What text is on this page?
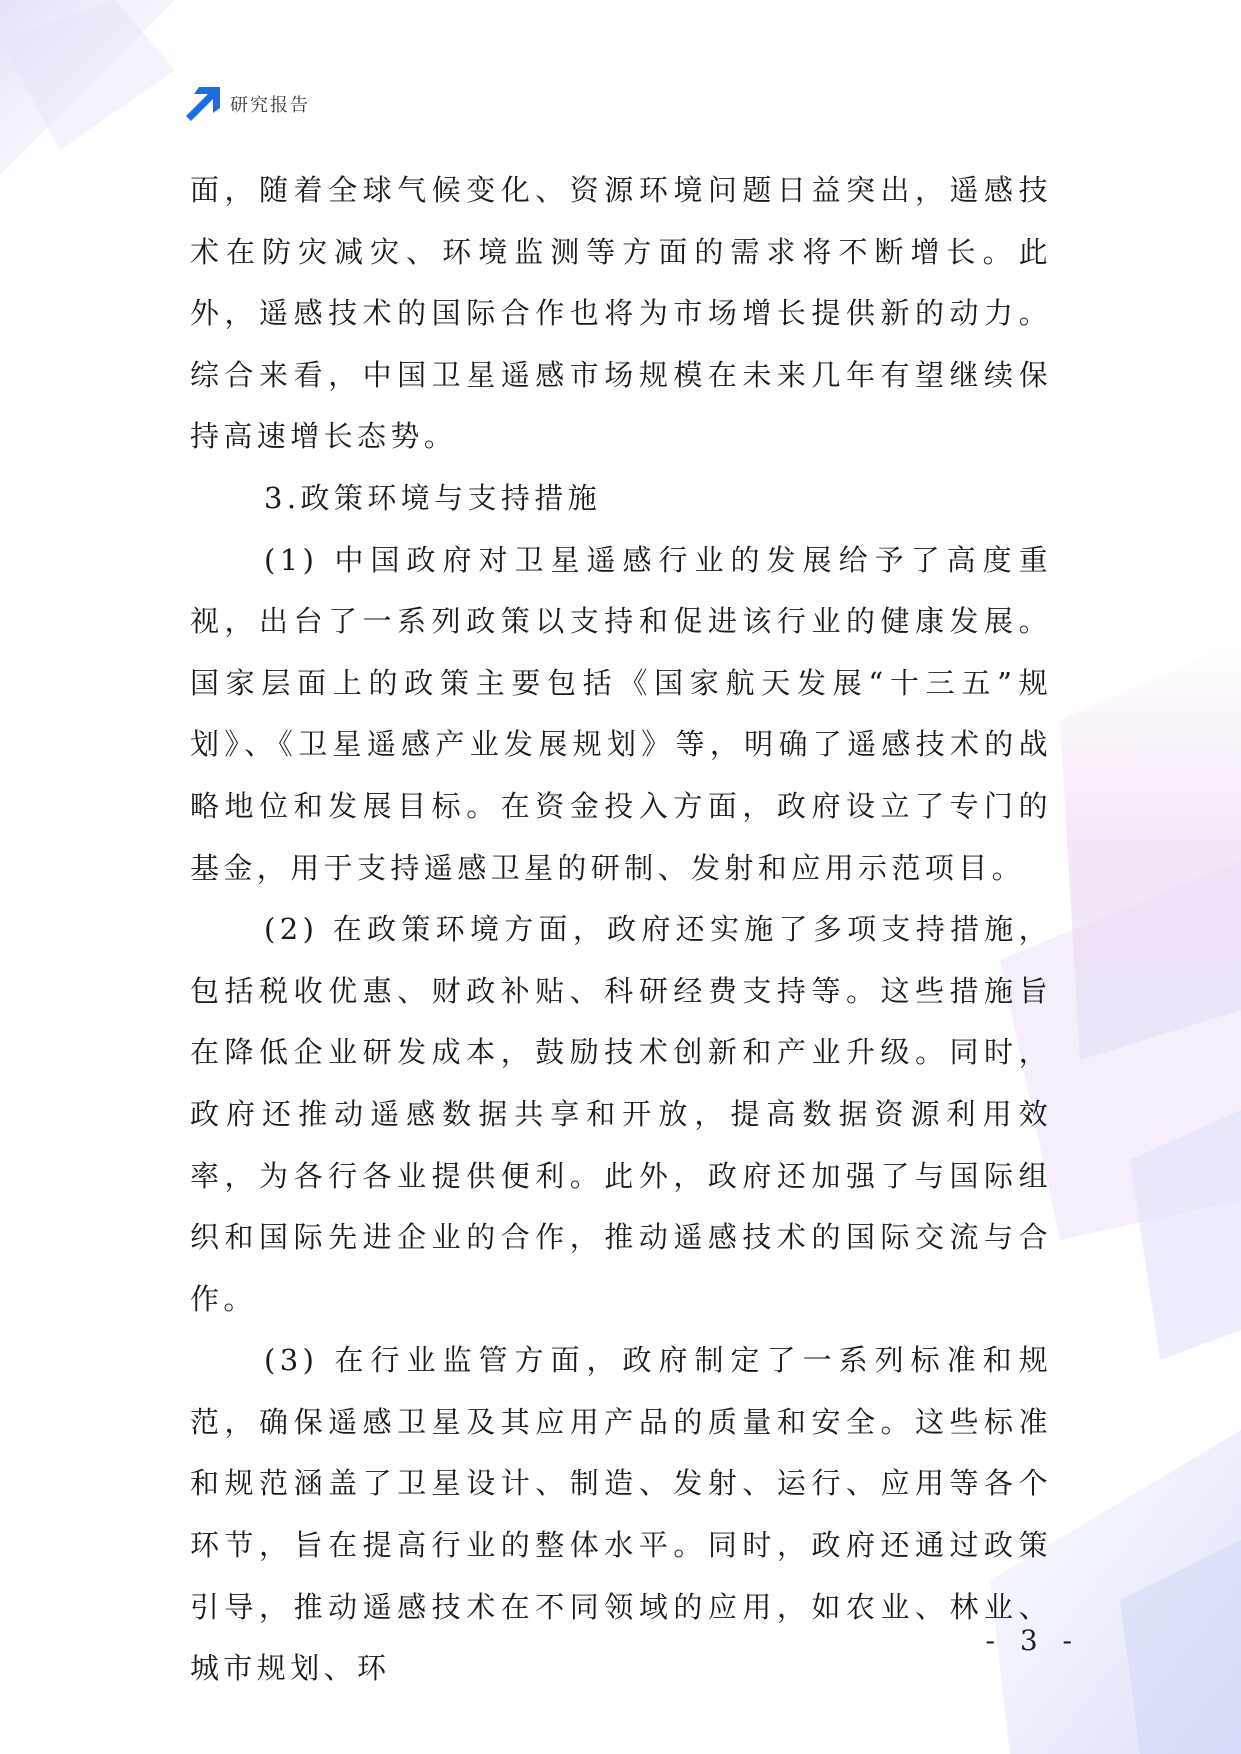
研究报告

面，随着全球气候变化、资源环境问题日益突出，遥感技术在防灾减灾、环境监测等方面的需求将不断增长。此外，遥感技术的国际合作也将为市场增长提供新的动力。综合来看，中国卫星遥感市场规模在未来几年有望继续保持高速增长态势。

3.政策环境与支持措施

(1) 中国政府对卫星遥感行业的发展给予了高度重视，出台了一系列政策以支持和促进该行业的健康发展。国家层面上的政策主要包括《国家航天发展“十三五”规划》、《卫星遥感产业发展规划》等，明确了遥感技术的战略地位和发展目标。在资金投入方面，政府设立了专门的基金，用于支持遥感卫星的研制、发射和应用示范项目。

(2) 在政策环境方面，政府还实施了多项支持措施，包括税收优惠、财政补贴、科研经费支持等。这些措施旨在降低企业研发成本，鼓励技术创新和产业升级。同时，政府还推动遥感数据共享和开放，提高数据资源利用效率，为各行各业提供便利。此外，政府还加强了与国际组织和国际先进企业的合作，推动遥感技术的国际交流与合作。

(3) 在行业监管方面，政府制定了一系列标准和规范，确保遥感卫星及其应用产品的质量和安全。这些标准和规范涵盖了卫星设计、制造、发射、运行、应用等各个环节，旨在提高行业的整体水平。同时，政府还通过政策引导，推动遥感技术在不同领域的应用，如农业、林业、城市规划、环

- 3 -
